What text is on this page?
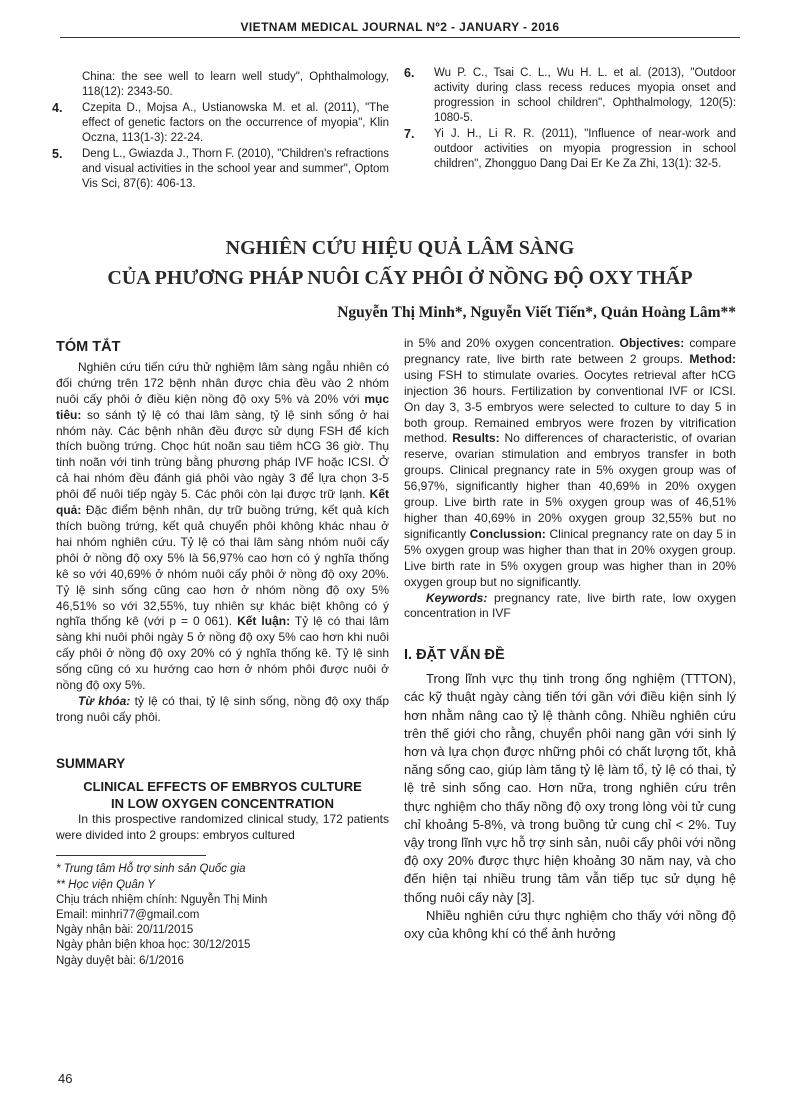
VIETNAM MEDICAL JOURNAL Nº2 - JANUARY - 2016
China: the see well to learn well study", Ophthalmology, 118(12): 2343-50.
4. Czepita D., Mojsa A., Ustianowska M. et al. (2011), "The effect of genetic factors on the occurrence of myopia", Klin Oczna, 113(1-3): 22-24.
5. Deng L., Gwiazda J., Thorn F. (2010), "Children's refractions and visual activities in the school year and summer", Optom Vis Sci, 87(6): 406-13.
6. Wu P. C., Tsai C. L., Wu H. L. et al. (2013), "Outdoor activity during class recess reduces myopia onset and progression in school children", Ophthalmology, 120(5): 1080-5.
7. Yi J. H., Li R. R. (2011), "Influence of near-work and outdoor activities on myopia progression in school children", Zhongguo Dang Dai Er Ke Za Zhi, 13(1): 32-5.
NGHIÊN CỨU HIỆU QUẢ LÂM SÀNG
CỦA PHƯƠNG PHÁP NUÔI CẤY PHÔI Ở NỒNG ĐỘ OXY THẤP
Nguyễn Thị Minh*, Nguyễn Viết Tiến*, Quản Hoàng Lâm**
TÓM TẮT

Nghiên cứu tiến cứu thử nghiệm lâm sàng ngẫu nhiên có đối chứng trên 172 bệnh nhân được chia đều vào 2 nhóm nuôi cấy phôi ở điều kiện nồng độ oxy 5% và 20% với mục tiêu: so sánh tỷ lệ có thai lâm sàng, tỷ lệ sinh sống ở hai nhóm này. Các bệnh nhân đều được sử dụng FSH để kích thích buồng trứng. Chọc hút noãn sau tiêm hCG 36 giờ. Thụ tinh noãn với tinh trùng bằng phương pháp IVF hoặc ICSI. Ở cả hai nhóm đều đánh giá phôi vào ngày 3 để lựa chọn 3-5 phôi để nuôi tiếp ngày 5. Các phôi còn lại được trữ lạnh. Kết quả: Đặc điểm bệnh nhân, dự trữ buồng trứng, kết quả kích thích buồng trứng, kết quả chuyển phôi không khác nhau ở hai nhóm nghiên cứu. Tỷ lệ có thai lâm sàng nhóm nuôi cấy phôi ở nồng độ oxy 5% là 56,97% cao hơn có ý nghĩa thống kê so với 40,69% ở nhóm nuôi cấy phôi ở nồng độ oxy 20%. Tỷ lệ sinh sống cũng cao hơn ở nhóm nồng độ oxy 5% 46,51% so với 32,55%, tuy nhiên sự khác biệt không có ý nghĩa thống kê (với p = 0 061). Kết luận: Tỷ lệ có thai lâm sàng khi nuôi phôi ngày 5 ở nồng độ oxy 5% cao hơn khi nuôi cấy phôi ở nồng độ oxy 20% có ý nghĩa thống kê. Tỷ lệ sinh sống cũng có xu hướng cao hơn ở nhóm phôi được nuôi ở nồng độ oxy 5%.

Từ khóa: tỷ lệ có thai, tỷ lệ sinh sống, nồng độ oxy thấp trong nuôi cấy phôi.

SUMMARY
CLINICAL EFFECTS OF EMBRYOS CULTURE
IN LOW OXYGEN CONCENTRATION

In this prospective randomized clinical study, 172 patients were divided into 2 groups: embryos cultured

* Trung tâm Hỗ trợ sinh sản Quốc gia
** Học viện Quân Y
Chịu trách nhiệm chính: Nguyễn Thị Minh
Email: minhri77@gmail.com
Ngày nhận bài: 20/11/2015
Ngày phản biện khoa học: 30/12/2015
Ngày duyệt bài: 6/1/2016

in 5% and 20% oxygen concentration. Objectives: compare pregnancy rate, live birth rate between 2 groups. Method: using FSH to stimulate ovaries. Oocytes retrieval after hCG injection 36 hours. Fertilization by conventional IVF or ICSI. On day 3, 3-5 embryos were selected to culture to day 5 in both group. Remained embryos were frozen by vitrification method. Results: No differences of characteristic, of ovarian reserve, ovarian stimulation and embryos transfer in both groups. Clinical pregnancy rate in 5% oxygen group was of 56,97%, significantly higher than 40,69% in 20% oxygen group. Live birth rate in 5% oxygen group was of 46,51% higher than 40,69% in 20% oxygen group 32,55% but no significantly Conclussion: Clinical pregnancy rate on day 5 in 5% oxygen group was higher than that in 20% oxygen group. Live birth rate in 5% oxygen group was higher than in 20% oxygen group but no significantly.

Keywords: pregnancy rate, live birth rate, low oxygen concentration in IVF

I. ĐẶT VẤN ĐỀ

Trong lĩnh vực thụ tinh trong ống nghiệm (TTTON), các kỹ thuật ngày càng tiến tới gần với điều kiện sinh lý hơn nhằm nâng cao tỷ lệ thành công. Nhiều nghiên cứu trên thế giới cho rằng, chuyển phôi nang gần với sinh lý hơn và lựa chọn được những phôi có chất lượng tốt, khả năng sống cao, giúp làm tăng tỷ lệ làm tổ, tỷ lệ có thai, tỷ lệ trẻ sinh sống cao. Hơn nữa, trong nghiên cứu trên thực nghiệm cho thấy nồng độ oxy trong lòng vòi tử cung chỉ khoảng 5-8%, và trong buồng tử cung chỉ < 2%. Tuy vậy trong lĩnh vực hỗ trợ sinh sản, nuôi cấy phôi với nồng độ oxy 20% được thực hiện khoảng 30 năm nay, và cho đến hiện tại nhiều trung tâm vẫn tiếp tục sử dụng hệ thống nuôi cấy này [3].

Nhiều nghiên cứu thực nghiệm cho thấy với nồng độ oxy của không khí có thể ảnh hưởng

46
